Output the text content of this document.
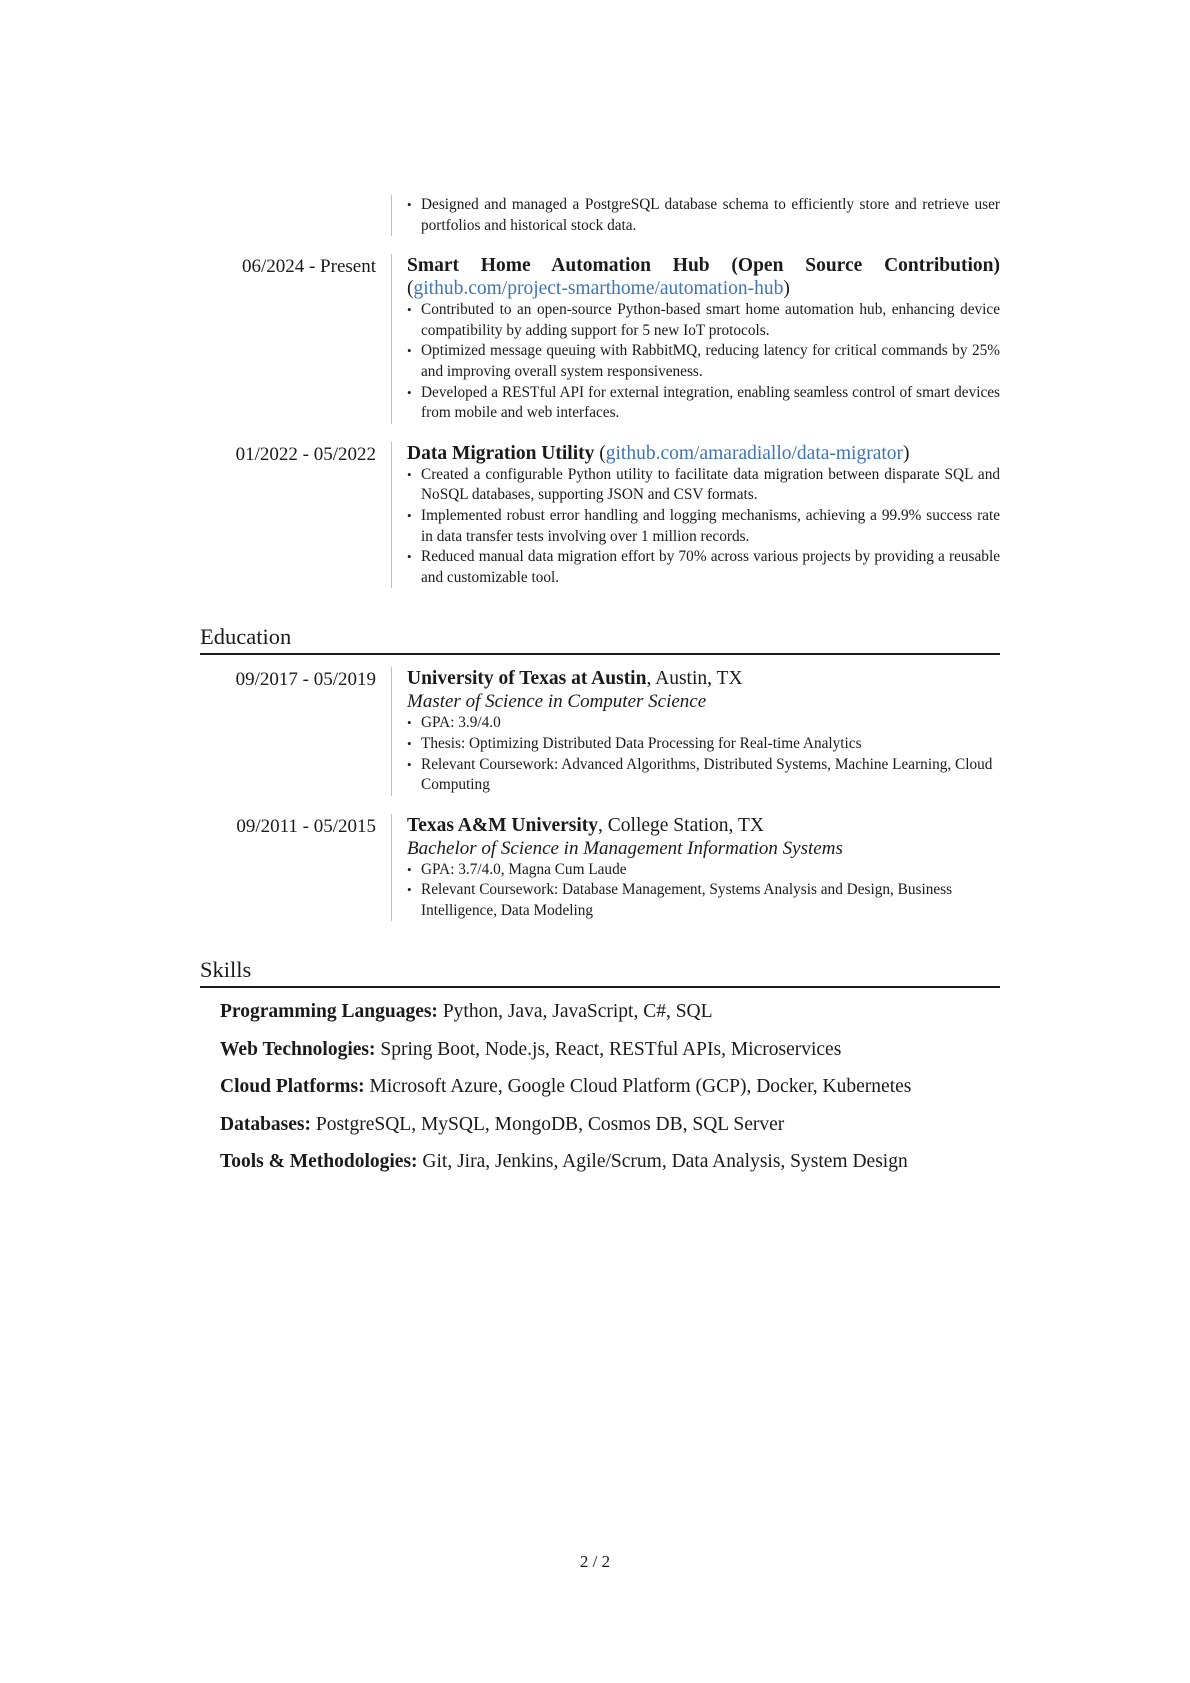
• Designed and managed a PostgreSQL database schema to efficiently store and retrieve user portfolios and historical stock data.
06/2024 - Present Smart Home Automation Hub (Open Source Contribution)
(github.com/project-smarthome/automation-hub)
• Contributed to an open-source Python-based smart home automation hub, enhancing device compatibility by adding support for 5 new IoT protocols.
• Optimized message queuing with RabbitMQ, reducing latency for critical commands by 25% and improving overall system responsiveness.
• Developed a RESTful API for external integration, enabling seamless control of smart devices from mobile and web interfaces.
01/2022 - 05/2022 Data Migration Utility (github.com/amaradiallo/data-migrator)
• Created a configurable Python utility to facilitate data migration between disparate SQL and NoSQL databases, supporting JSON and CSV formats.
• Implemented robust error handling and logging mechanisms, achieving a 99.9% success rate in data transfer tests involving over 1 million records.
• Reduced manual data migration effort by 70% across various projects by providing a reusable and customizable tool.
Education
09/2017 - 05/2019 University of Texas at Austin, Austin, TX
Master of Science in Computer Science
• GPA: 3.9/4.0
• Thesis: Optimizing Distributed Data Processing for Real-time Analytics
• Relevant Coursework: Advanced Algorithms, Distributed Systems, Machine Learning, Cloud Computing
09/2011 - 05/2015 Texas A&M University, College Station, TX
Bachelor of Science in Management Information Systems
• GPA: 3.7/4.0, Magna Cum Laude
• Relevant Coursework: Database Management, Systems Analysis and Design, Business Intelligence, Data Modeling
Skills
Programming Languages: Python, Java, JavaScript, C#, SQL
Web Technologies: Spring Boot, Node.js, React, RESTful APIs, Microservices
Cloud Platforms: Microsoft Azure, Google Cloud Platform (GCP), Docker, Kubernetes
Databases: PostgreSQL, MySQL, MongoDB, Cosmos DB, SQL Server
Tools & Methodologies: Git, Jira, Jenkins, Agile/Scrum, Data Analysis, System Design
2 / 2
